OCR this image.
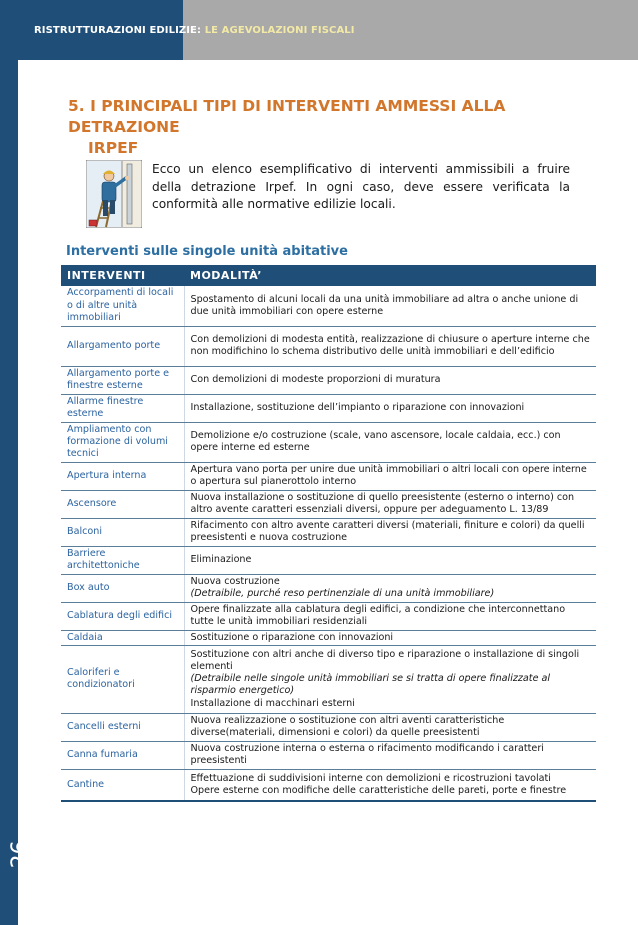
RISTRUTTURAZIONI EDILIZIE: LE AGEVOLAZIONI FISCALI
Pagina26
5. I PRINCIPALI TIPI DI INTERVENTI AMMESSI ALLA DETRAZIONE
IRPEF

Ecco un elenco esemplificativo di interventi ammissibili a fruire della detrazione Irpef. In ogni caso, deve essere verificata la conformità alle normative edilizie locali.

Interventi sulle singole unità abitative
INTERVENTI	MODALITÀ’
Accorpamenti di locali o di altre unità immobiliari	Spostamento di alcuni locali da una unità immobiliare ad altra o anche unione di due unità immobiliari con opere esterne
Allargamento porte	Con demolizioni di modesta entità, realizzazione di chiusure o aperture interne che non modifichino lo schema distributivo delle unità immobiliari e dell’edificio
Allargamento porte e finestre esterne	Con demolizioni di modeste proporzioni di muratura
Allarme finestre esterne	Installazione, sostituzione dell’impianto o riparazione con innovazioni
Ampliamento con formazione di volumi tecnici	Demolizione e/o costruzione (scale, vano ascensore, locale caldaia, ecc.) con opere interne ed esterne
Apertura interna	Apertura vano porta per unire due unità immobiliari o altri locali con opere interne o apertura sul pianerottolo interno
Ascensore	Nuova installazione o sostituzione di quello preesistente (esterno o interno) con altro avente caratteri essenziali diversi, oppure per adeguamento L. 13/89
Balconi	Rifacimento con altro avente caratteri diversi (materiali, finiture e colori) da quelli preesistenti e nuova costruzione
Barriere architettoniche	Eliminazione
Box auto	Nuova costruzione
(Detraibile, purché reso pertinenziale di una unità immobiliare)

Cablatura degli edifici	Opere finalizzate alla cablatura degli edifici, a condizione che interconnettano tutte le unità immobiliari residenziali
Caldaia	Sostituzione o riparazione con innovazioni
Caloriferi e condizionatori	Sostituzione con altri anche di diverso tipo e riparazione o installazione di singoli elementi
(Detraibile nelle singole unità immobiliari se si tratta di opere finalizzate al risparmio energetico)
Installazione di macchinari esterni

Cancelli esterni	Nuova realizzazione o sostituzione con altri aventi caratteristiche diverse(materiali, dimensioni e colori) da quelle preesistenti
Canna fumaria	Nuova costruzione interna o esterna o rifacimento modificando i caratteri preesistenti
Cantine	Effettuazione di suddivisioni interne con demolizioni e ricostruzioni tavolati
Opere esterne con modifiche delle caratteristiche delle pareti, porte e finestre
